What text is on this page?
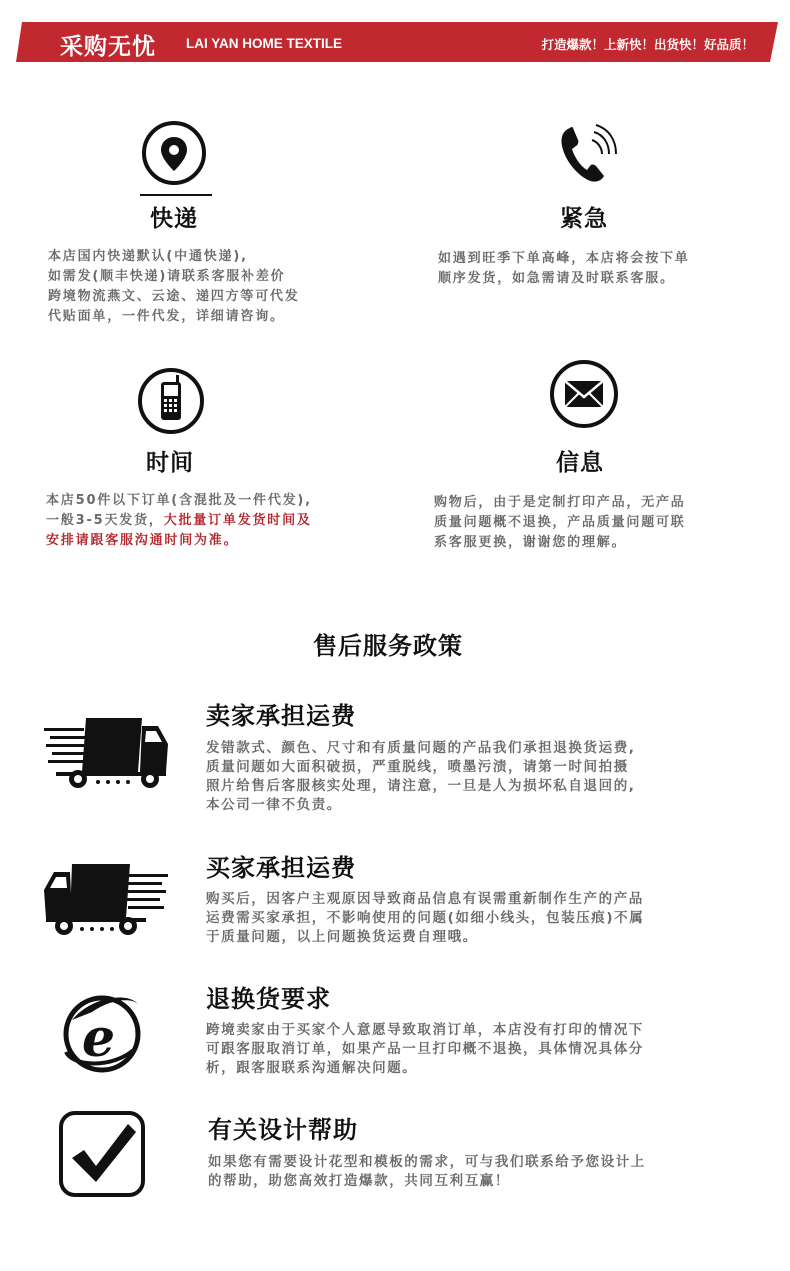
采购无忧 LAI YAN HOME TEXTILE	打造爆款！上新快！出货快！好品质！
快递
本店国内快递默认(中通快递),
如需发(顺丰快递)请联系客服补差价
跨境物流燕文、云途、递四方等可代发
代贴面单，一件代发，详细请咨询。
紧急
如遇到旺季下单高峰，本店将会按下单
顺序发货，如急需请及时联系客服。
时间
本店50件以下订单(含混批及一件代发),
一般3-5天发货，大批量订单发货时间及
安排请跟客服沟通时间为准。
信息
购物后，由于是定制打印产品，无产品
质量问题概不退换，产品质量问题可联
系客服更换，谢谢您的理解。
售后服务政策
卖家承担运费
发错款式、颜色、尺寸和有质量问题的产品我们承担退换货运费,
质量问题如大面积破损，严重脱线，喷墨污渍，请第一时间拍摄
照片给售后客服核实处理，请注意，一旦是人为损坏私自退回的,
本公司一律不负责。
买家承担运费
购买后，因客户主观原因导致商品信息有误需重新制作生产的产品
运费需买家承担，不影响使用的问题(如细小线头，包装压痕)不属
于质量问题，以上问题换货运费自理哦。
e
退换货要求
跨境卖家由于买家个人意愿导致取消订单，本店没有打印的情况下
可跟客服取消订单，如果产品一旦打印概不退换，具体情况具体分
析，跟客服联系沟通解决问题。
有关设计帮助
如果您有需要设计花型和模板的需求，可与我们联系给予您设计上
的帮助，助您高效打造爆款，共同互利互赢！
